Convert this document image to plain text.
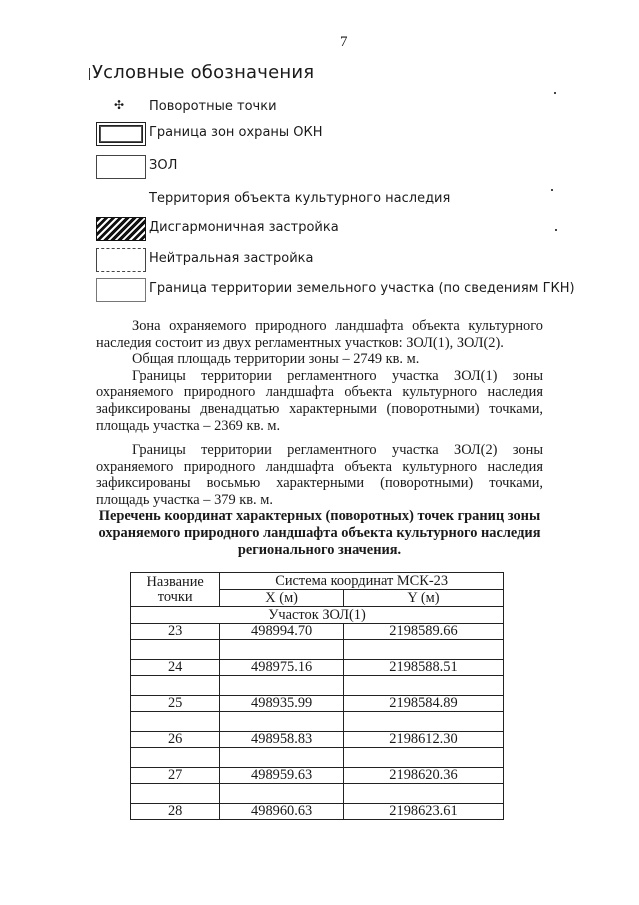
7
Условные обозначения
✣ Поворотные точки
Граница зон охраны ОКН
ЗОЛ
Территория объекта культурного наследия
Дисгармоничная застройка
Нейтральная застройка
Граница территории земельного участка (по сведениям ГКН)

Зона охраняемого природного ландшафта объекта культурного наследия состоит из двух регламентных участков: ЗОЛ(1), ЗОЛ(2).

Общая площадь территории зоны – 2749 кв. м.

Границы территории регламентного участка ЗОЛ(1) зоны охраняемого природного ландшафта объекта культурного наследия зафиксированы двенадцатью характерными (поворотными) точками, площадь участка – 2369 кв. м.

Границы территории регламентного участка ЗОЛ(2) зоны охраняемого природного ландшафта объекта культурного наследия зафиксированы восьмью характерными (поворотными) точками, площадь участка – 379 кв. м.

Перечень координат характерных (поворотных) точек границ зоны охраняемого природного ландшафта объекта культурного наследия регионального значения.
Название точки	Система координат МСК-23	
	X (м)	Y (м)
Участок ЗОЛ(1)		
23	498994.70	2198589.66

24	498975.16	2198588.51

25	498935.99	2198584.89

26	498958.83	2198612.30

27	498959.63	2198620.36

28	498960.63	2198623.61
